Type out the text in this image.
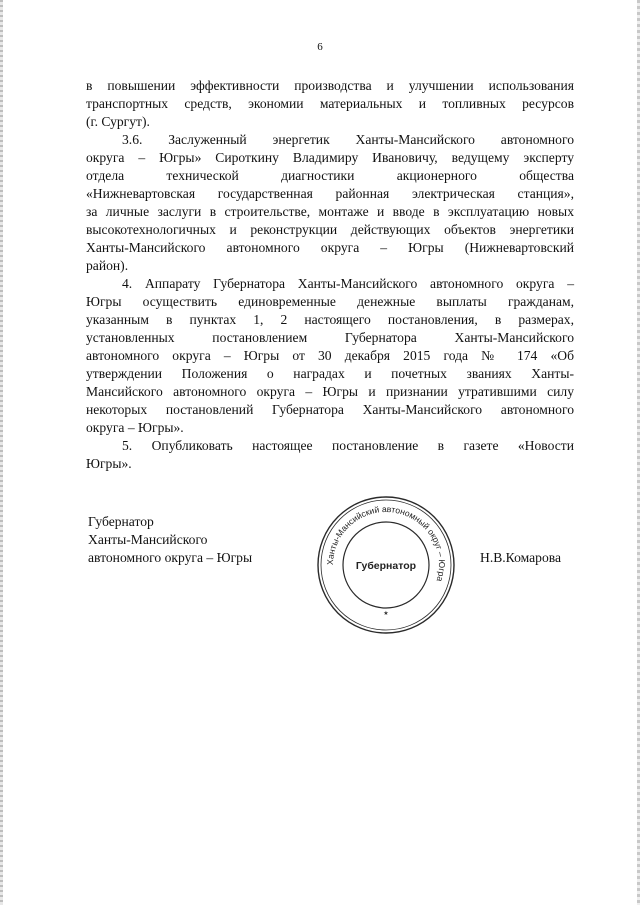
6
в повышении эффективности производства и улучшении использования
транспортных средств, экономии материальных и топливных ресурсов
(г. Сургут).
3.6. Заслуженный энергетик Ханты-Мансийского автономного
округа – Югры» Сироткину Владимиру Ивановичу, ведущему эксперту
отдела технической диагностики акционерного общества
«Нижневартовская государственная районная электрическая станция»,
за личные заслуги в строительстве, монтаже и вводе в эксплуатацию новых
высокотехнологичных и реконструкции действующих объектов энергетики
Ханты-Мансийского автономного округа – Югры (Нижневартовский
район).
4. Аппарату Губернатора Ханты-Мансийского автономного округа –
Югры осуществить единовременные денежные выплаты гражданам,
указанным в пунктах 1, 2 настоящего постановления, в размерах,
установленных постановлением Губернатора Ханты-Мансийского
автономного округа – Югры от 30 декабря 2015 года № 174 «Об
утверждении Положения о наградах и почетных званиях Ханты-
Мансийского автономного округа – Югры и признании утратившими силу
некоторых постановлений Губернатора Ханты-Мансийского автономного
округа – Югры».
5. Опубликовать настоящее постановление в газете «Новости
Югры».
Губернатор
Ханты-Мансийского
автономного округа – Югры	Ханты-Мансийский автономный округ – Югра
Губернатор
★
Н.В.Комарова
